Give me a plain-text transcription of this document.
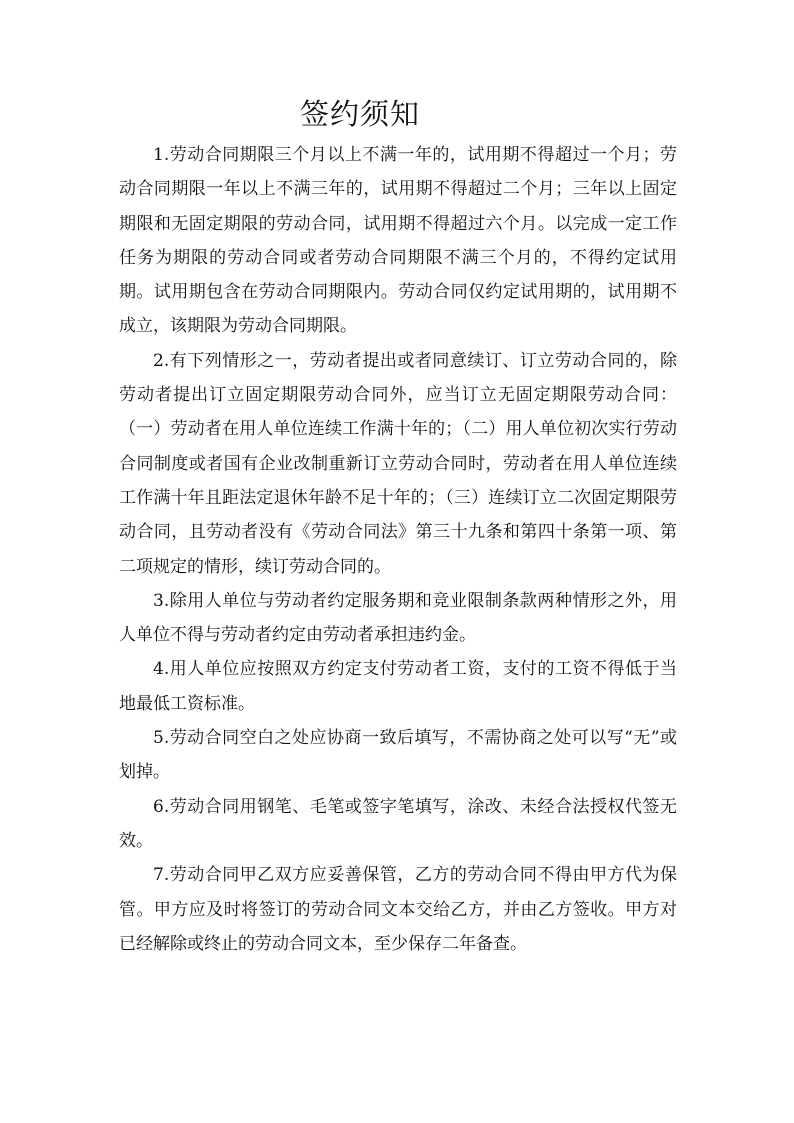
签约须知

1.劳动合同期限三个月以上不满一年的，试用期不得超过一个月；劳动合同期限一年以上不满三年的，试用期不得超过二个月；三年以上固定期限和无固定期限的劳动合同，试用期不得超过六个月。以完成一定工作任务为期限的劳动合同或者劳动合同期限不满三个月的，不得约定试用期。试用期包含在劳动合同期限内。劳动合同仅约定试用期的，试用期不成立，该期限为劳动合同期限。

2.有下列情形之一，劳动者提出或者同意续订、订立劳动合同的，除劳动者提出订立固定期限劳动合同外，应当订立无固定期限劳动合同：（一）劳动者在用人单位连续工作满十年的；（二）用人单位初次实行劳动合同制度或者国有企业改制重新订立劳动合同时，劳动者在用人单位连续工作满十年且距法定退休年龄不足十年的；（三）连续订立二次固定期限劳动合同，且劳动者没有《劳动合同法》第三十九条和第四十条第一项、第二项规定的情形，续订劳动合同的。

3.除用人单位与劳动者约定服务期和竞业限制条款两种情形之外，用人单位不得与劳动者约定由劳动者承担违约金。

4.用人单位应按照双方约定支付劳动者工资，支付的工资不得低于当地最低工资标准。

5.劳动合同空白之处应协商一致后填写，不需协商之处可以写“无”或划掉。

6.劳动合同用钢笔、毛笔或签字笔填写，涂改、未经合法授权代签无效。

7.劳动合同甲乙双方应妥善保管，乙方的劳动合同不得由甲方代为保管。甲方应及时将签订的劳动合同文本交给乙方，并由乙方签收。甲方对已经解除或终止的劳动合同文本，至少保存二年备查。
